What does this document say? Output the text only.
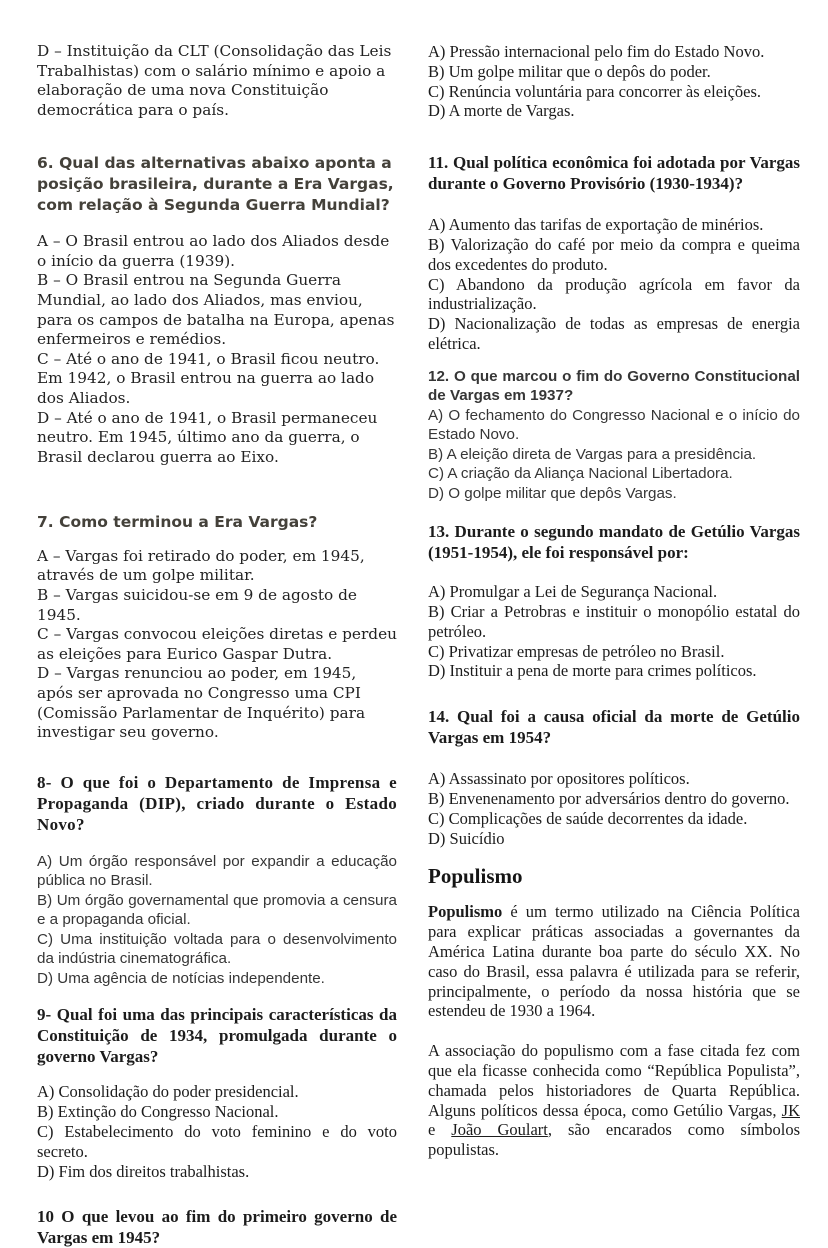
D – Instituição da CLT (Consolidação das Leis Trabalhistas) com o salário mínimo e apoio a elaboração de uma nova Constituição democrática para o país.

6. Qual das alternativas abaixo aponta a posição brasileira, durante a Era Vargas, com relação à Segunda Guerra Mundial?

A – O Brasil entrou ao lado dos Aliados desde o início da guerra (1939).

B – O Brasil entrou na Segunda Guerra Mundial, ao lado dos Aliados, mas enviou, para os campos de batalha na Europa, apenas enfermeiros e remédios.

C – Até o ano de 1941, o Brasil ficou neutro. Em 1942, o Brasil entrou na guerra ao lado dos Aliados.

D – Até o ano de 1941, o Brasil permaneceu neutro. Em 1945, último ano da guerra, o Brasil declarou guerra ao Eixo.

7. Como terminou a Era Vargas?

A – Vargas foi retirado do poder, em 1945, através de um golpe militar.

B – Vargas suicidou-se em 9 de agosto de 1945.

C – Vargas convocou eleições diretas e perdeu as eleições para Eurico Gaspar Dutra.

D – Vargas renunciou ao poder, em 1945, após ser aprovada no Congresso uma CPI (Comissão Parlamentar de Inquérito) para investigar seu governo.

8- O que foi o Departamento de Imprensa e Propaganda (DIP), criado durante o Estado Novo?

A) Um órgão responsável por expandir a educação pública no Brasil.

B) Um órgão governamental que promovia a censura e a propaganda oficial.

C) Uma instituição voltada para o desenvolvimento da indústria cinematográfica.

D) Uma agência de notícias independente.

9- Qual foi uma das principais características da Constituição de 1934, promulgada durante o governo Vargas?

A) Consolidação do poder presidencial.

B) Extinção do Congresso Nacional.

C) Estabelecimento do voto feminino e do voto secreto.

D) Fim dos direitos trabalhistas.

10 O que levou ao fim do primeiro governo de Vargas em 1945?

A) Pressão internacional pelo fim do Estado Novo.

B) Um golpe militar que o depôs do poder.

C) Renúncia voluntária para concorrer às eleições.

D) A morte de Vargas.

11. Qual política econômica foi adotada por Vargas durante o Governo Provisório (1930-1934)?

A) Aumento das tarifas de exportação de minérios.

B) Valorização do café por meio da compra e queima dos excedentes do produto.

C) Abandono da produção agrícola em favor da industrialização.

D) Nacionalização de todas as empresas de energia elétrica.

12. O que marcou o fim do Governo Constitucional de Vargas em 1937?

A) O fechamento do Congresso Nacional e o início do Estado Novo.

B) A eleição direta de Vargas para a presidência.

C) A criação da Aliança Nacional Libertadora.

D) O golpe militar que depôs Vargas.

13. Durante o segundo mandato de Getúlio Vargas (1951-1954), ele foi responsável por:

A) Promulgar a Lei de Segurança Nacional.

B) Criar a Petrobras e instituir o monopólio estatal do petróleo.

C) Privatizar empresas de petróleo no Brasil.

D) Instituir a pena de morte para crimes políticos.

14. Qual foi a causa oficial da morte de Getúlio Vargas em 1954?

A) Assassinato por opositores políticos.

B) Envenenamento por adversários dentro do governo.

C) Complicações de saúde decorrentes da idade.

D) Suicídio

Populismo

Populismo é um termo utilizado na Ciência Política para explicar práticas associadas a governantes da América Latina durante boa parte do século XX. No caso do Brasil, essa palavra é utilizada para se referir, principalmente, o período da nossa história que se estendeu de 1930 a 1964.

A associação do populismo com a fase citada fez com que ela ficasse conhecida como “República Populista”, chamada pelos historiadores de Quarta República. Alguns políticos dessa época, como Getúlio Vargas, JK e João Goulart, são encarados como símbolos populistas.
